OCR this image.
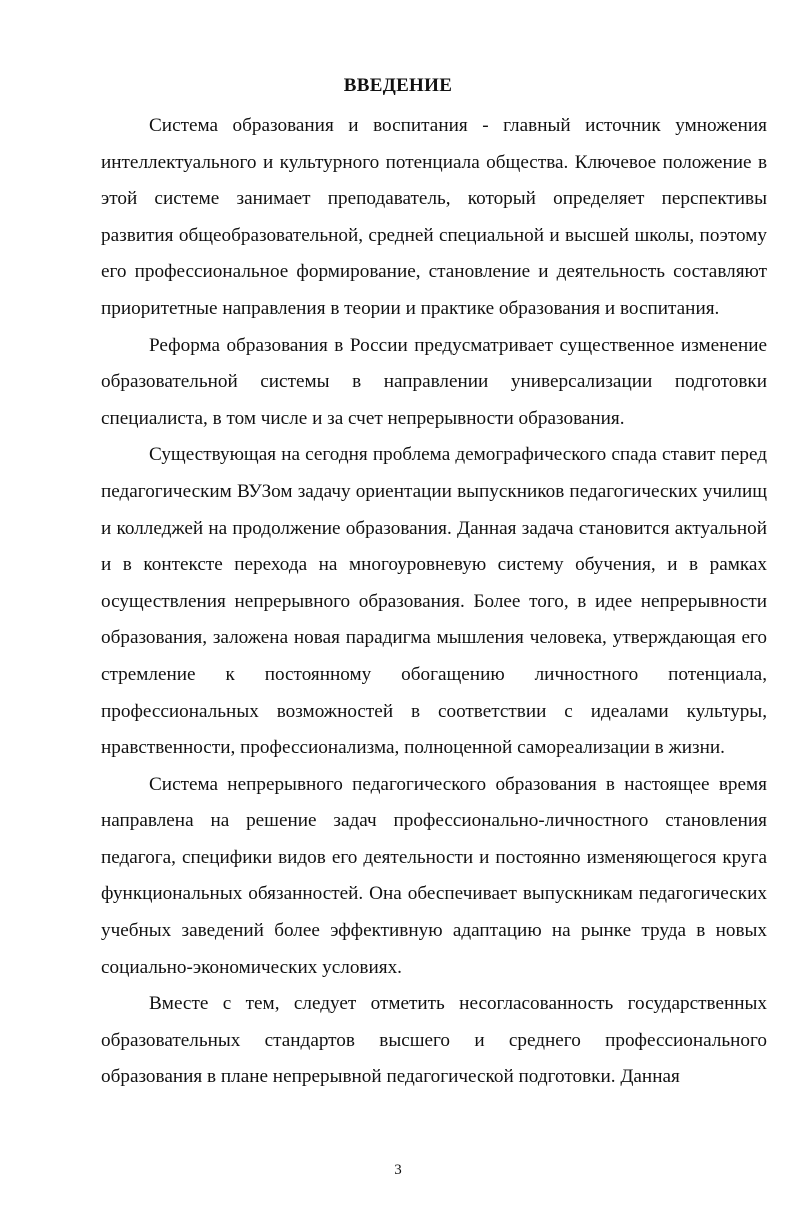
ВВЕДЕНИЕ

Система образования и воспитания - главный источник умножения интеллектуального и культурного потенциала общества. Ключевое положение в этой системе занимает преподаватель, который определяет перспективы развития общеобразовательной, средней специальной и высшей школы, поэтому его профессиональное формирование, становление и деятельность составляют приоритетные направления в теории и практике образования и воспитания.

Реформа образования в России предусматривает существенное изменение образовательной системы в направлении универсализации подготовки специалиста, в том числе и за счет непрерывности образования.

Существующая на сегодня проблема демографического спада ставит перед педагогическим ВУЗом задачу ориентации выпускников педагогических училищ и колледжей на продолжение образования. Данная задача становится актуальной и в контексте перехода на многоуровневую систему обучения, и в рамках осуществления непрерывного образования. Более того, в идее непрерывности образования, заложена новая парадигма мышления человека, утверждающая его стремление к постоянному обогащению личностного потенциала, профессиональных возможностей в соответствии с идеалами культуры, нравственности, профессионализма, полноценной самореализации в жизни.

Система непрерывного педагогического образования в настоящее время направлена на решение задач профессионально-личностного становления педагога, специфики видов его деятельности и постоянно изменяющегося круга функциональных обязанностей. Она обеспечивает выпускникам педагогических учебных заведений более эффективную адаптацию на рынке труда в новых социально-экономических условиях.

Вместе с тем, следует отметить несогласованность государственных образовательных стандартов высшего и среднего профессионального образования в плане непрерывной педагогической подготовки. Данная

3
